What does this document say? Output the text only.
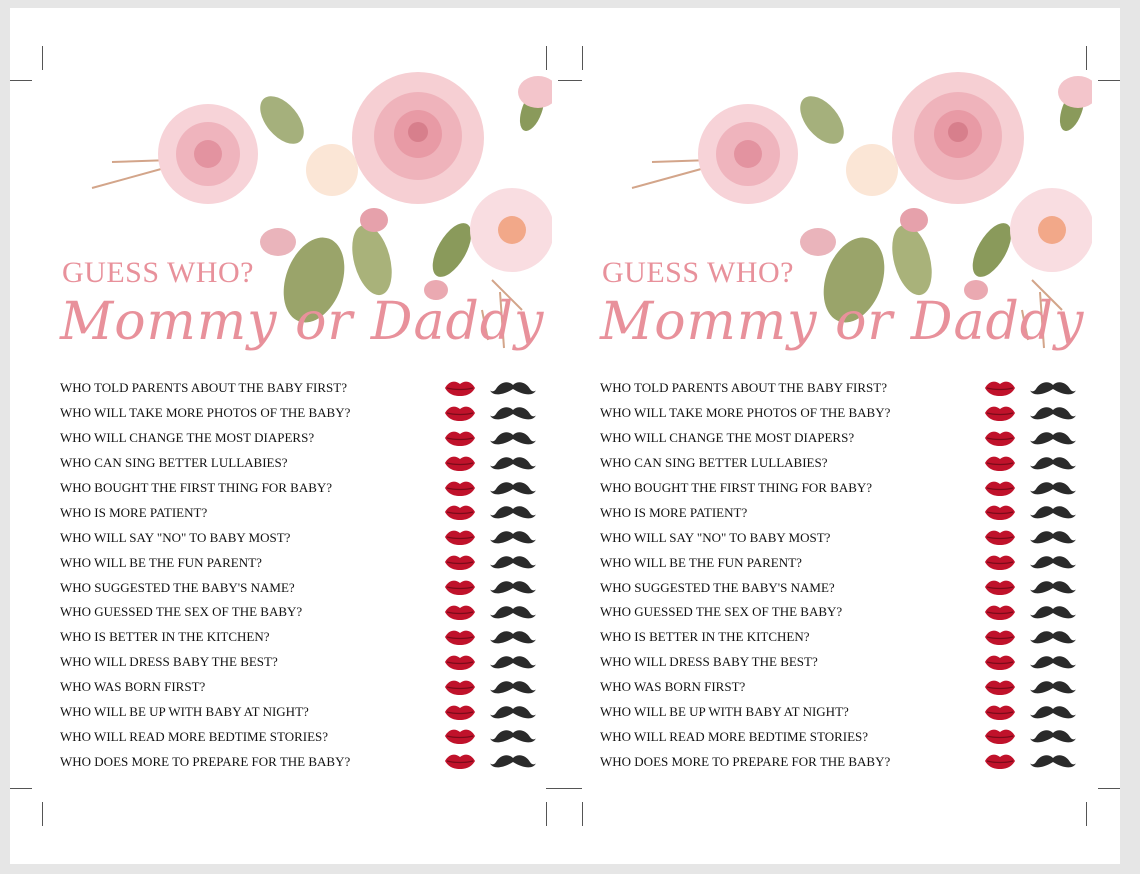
GUESS WHO?
Mommy or Daddy
WHO TOLD PARENTS ABOUT THE BABY FIRST?
WHO WILL TAKE MORE PHOTOS OF THE BABY?
WHO WILL CHANGE THE MOST DIAPERS?
WHO CAN SING BETTER LULLABIES?
WHO BOUGHT THE FIRST THING FOR BABY?
WHO IS MORE PATIENT?
WHO WILL SAY "NO" TO BABY MOST?
WHO WILL BE THE FUN PARENT?
WHO SUGGESTED THE BABY'S NAME?
WHO GUESSED THE SEX OF THE BABY?
WHO IS BETTER IN THE KITCHEN?
WHO WILL DRESS BABY THE BEST?
WHO WAS BORN FIRST?
WHO WILL BE UP WITH BABY AT NIGHT?
WHO WILL READ MORE BEDTIME STORIES?
WHO DOES MORE TO PREPARE FOR THE BABY?
GUESS WHO?
Mommy or Daddy
WHO TOLD PARENTS ABOUT THE BABY FIRST?
WHO WILL TAKE MORE PHOTOS OF THE BABY?
WHO WILL CHANGE THE MOST DIAPERS?
WHO CAN SING BETTER LULLABIES?
WHO BOUGHT THE FIRST THING FOR BABY?
WHO IS MORE PATIENT?
WHO WILL SAY "NO" TO BABY MOST?
WHO WILL BE THE FUN PARENT?
WHO SUGGESTED THE BABY'S NAME?
WHO GUESSED THE SEX OF THE BABY?
WHO IS BETTER IN THE KITCHEN?
WHO WILL DRESS BABY THE BEST?
WHO WAS BORN FIRST?
WHO WILL BE UP WITH BABY AT NIGHT?
WHO WILL READ MORE BEDTIME STORIES?
WHO DOES MORE TO PREPARE FOR THE BABY?
